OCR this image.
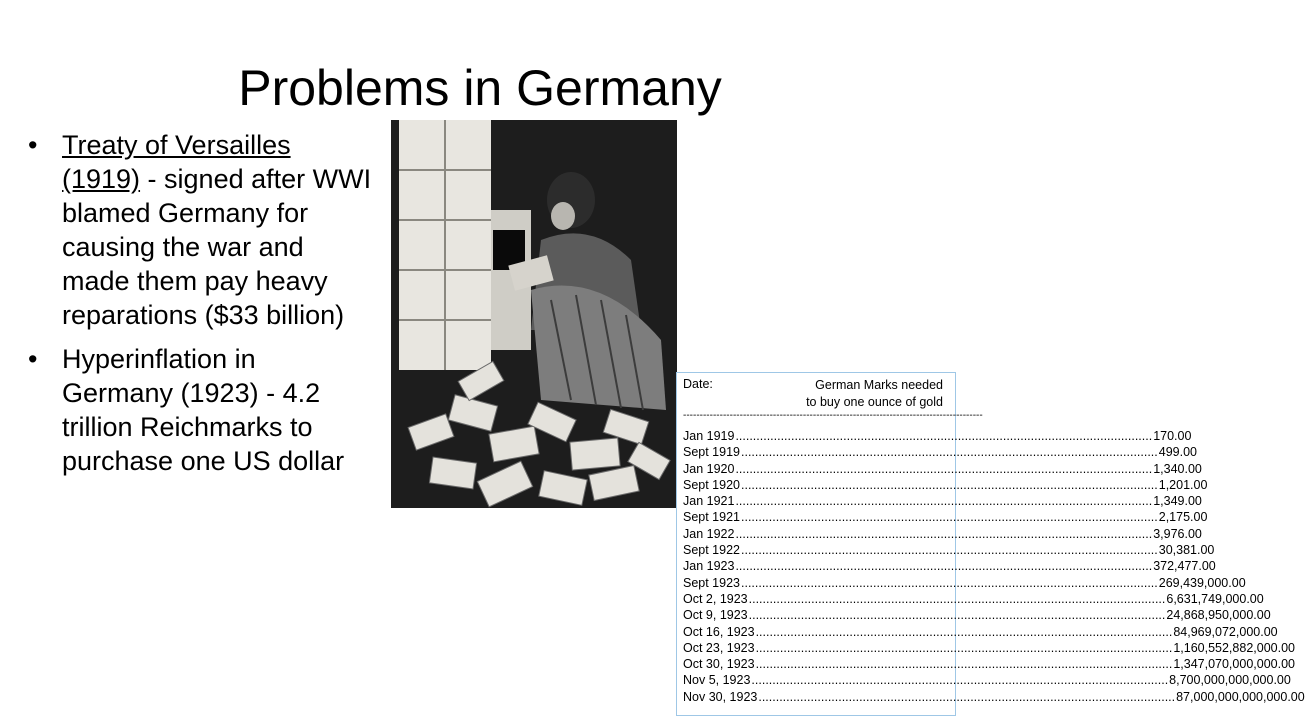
Problems in Germany
• Treaty of Versailles (1919) - signed after WWI blamed Germany for causing the war and made them pay heavy reparations ($33 billion)
• Hyperinflation in Germany (1923) - 4.2 trillion Reichmarks to purchase one US dollar
Date:	German Marks needed
to buy one ounce of gold
------------------------------------------------------------------------------------------
Jan 1919 .....	170.00
Sept 1919 .....	499.00
Jan 1920 .....	1,340.00
Sept 1920 .....	1,201.00
Jan 1921 .....	1,349.00
Sept 1921 .....	2,175.00
Jan 1922 .....	3,976.00
Sept 1922 .....	30,381.00
Jan 1923 .....	372,477.00
Sept 1923 .....	269,439,000.00
Oct 2, 1923 .....	6,631,749,000.00
Oct 9, 1923 .....	24,868,950,000.00
Oct 16, 1923 .....	84,969,072,000.00
Oct 23, 1923 .....	1,160,552,882,000.00
Oct 30, 1923 .....	1,347,070,000,000.00
Nov 5, 1923 .....	8,700,000,000,000.00
Nov 30, 1923 .....	87,000,000,000,000.00
